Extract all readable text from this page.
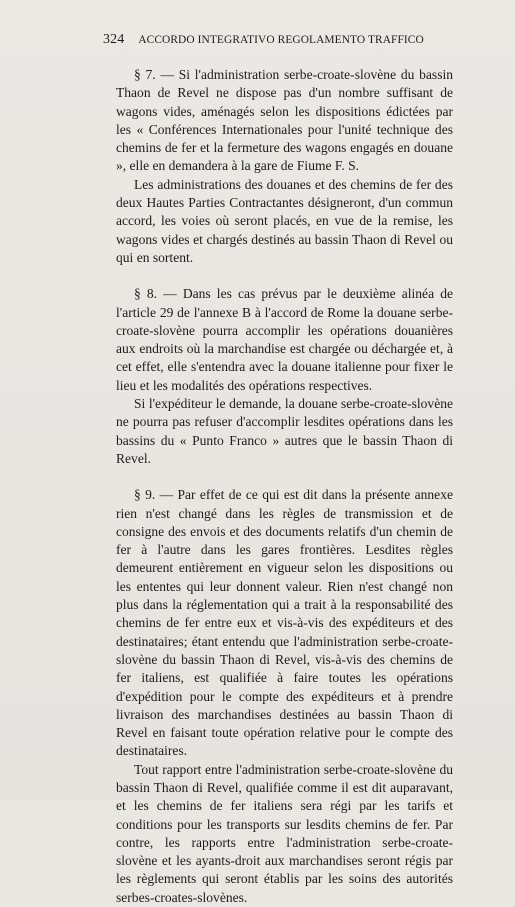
324 ACCORDO INTEGRATIVO REGOLAMENTO TRAFFICO

§ 7. — Si l'administration serbe-croate-slovène du bassin Thaon de Revel ne dispose pas d'un nombre suffisant de wagons vides, aménagés selon les dispositions édictées par les « Conférences Internationales pour l'unité technique des chemins de fer et la fermeture des wagons engagés en douane », elle en demandera à la gare de Fiume F. S.

Les administrations des douanes et des chemins de fer des deux Hautes Parties Contractantes désigneront, d'un commun accord, les voies où seront placés, en vue de la remise, les wagons vides et chargés destinés au bassin Thaon di Revel ou qui en sortent.

§ 8. — Dans les cas prévus par le deuxième alinéa de l'article 29 de l'annexe B à l'accord de Rome la douane serbe-croate-slovène pourra accomplir les opérations douanières aux endroits où la marchandise est chargée ou déchargée et, à cet effet, elle s'entendra avec la douane italienne pour fixer le lieu et les modalités des opérations respectives.

Si l'expéditeur le demande, la douane serbe-croate-slovène ne pourra pas refuser d'accomplir lesdites opérations dans les bassins du « Punto Franco » autres que le bassin Thaon di Revel.

§ 9. — Par effet de ce qui est dit dans la présente annexe rien n'est changé dans les règles de transmission et de consigne des envois et des documents relatifs d'un chemin de fer à l'autre dans les gares frontières. Lesdites règles demeurent entièrement en vigueur selon les dispositions ou les ententes qui leur donnent valeur. Rien n'est changé non plus dans la réglementation qui a trait à la responsabilité des chemins de fer entre eux et vis-à-vis des expéditeurs et des destinataires; étant entendu que l'administration serbe-croate-slovène du bassin Thaon di Revel, vis-à-vis des chemins de fer italiens, est qualifiée à faire toutes les opérations d'expédition pour le compte des expéditeurs et à prendre livraison des marchandises destinées au bassin Thaon di Revel en faisant toute opération relative pour le compte des destinataires.

Tout rapport entre l'administration serbe-croate-slovène du bassin Thaon di Revel, qualifiée comme il est dit auparavant, et les chemins de fer italiens sera régi par les tarifs et conditions pour les transports sur lesdits chemins de fer. Par contre, les rapports entre l'administration serbe-croate-slovène et les ayants-droit aux marchandises seront régis par les règlements qui seront établis par les soins des autorités serbes-croates-slovènes.
